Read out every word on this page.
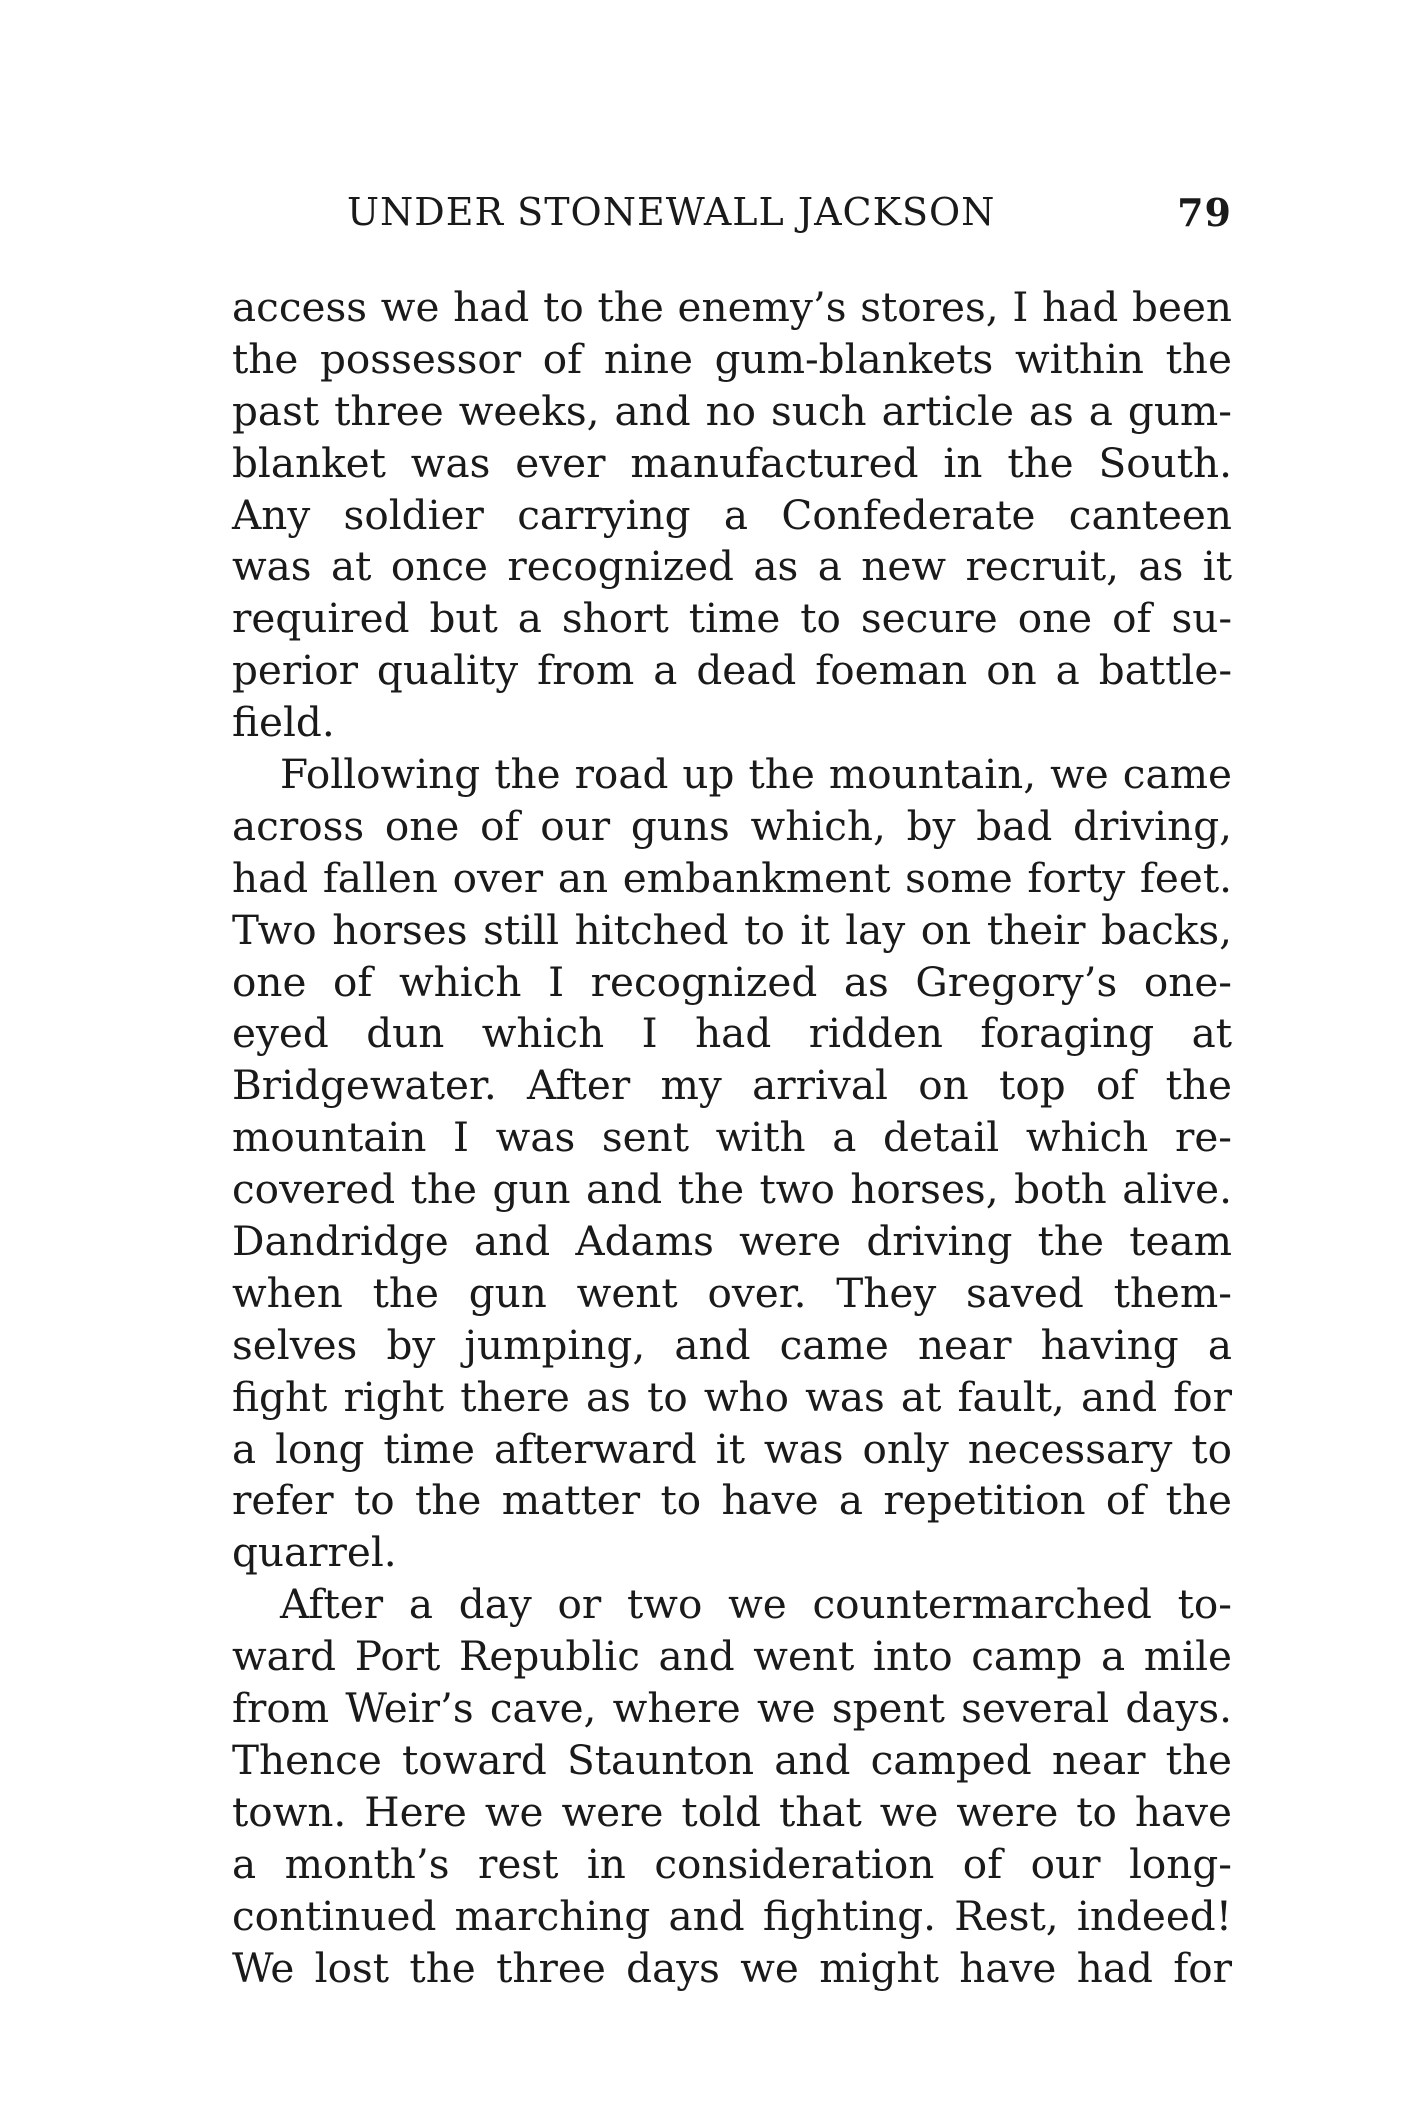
UNDER STONEWALL JACKSON	79
access we had to the enemy’s stores, I had been
the possessor of nine gum-blankets within the
past three weeks, and no such article as a gum-
blanket was ever manufactured in the South.
Any soldier carrying a Confederate canteen
was at once recognized as a new recruit, as it
required but a short time to secure one of su-
perior quality from a dead foeman on a battle-
field.
Following the road up the mountain, we came
across one of our guns which, by bad driving,
had fallen over an embankment some forty feet.
Two horses still hitched to it lay on their backs,
one of which I recognized as Gregory’s one-
eyed dun which I had ridden foraging at
Bridgewater. After my arrival on top of the
mountain I was sent with a detail which re-
covered the gun and the two horses, both alive.
Dandridge and Adams were driving the team
when the gun went over. They saved them-
selves by jumping, and came near having a
fight right there as to who was at fault, and for
a long time afterward it was only necessary to
refer to the matter to have a repetition of the
quarrel.
After a day or two we countermarched to-
ward Port Republic and went into camp a mile
from Weir’s cave, where we spent several days.
Thence toward Staunton and camped near the
town. Here we were told that we were to have
a month’s rest in consideration of our long-
continued marching and fighting. Rest, indeed!
We lost the three days we might have had for
